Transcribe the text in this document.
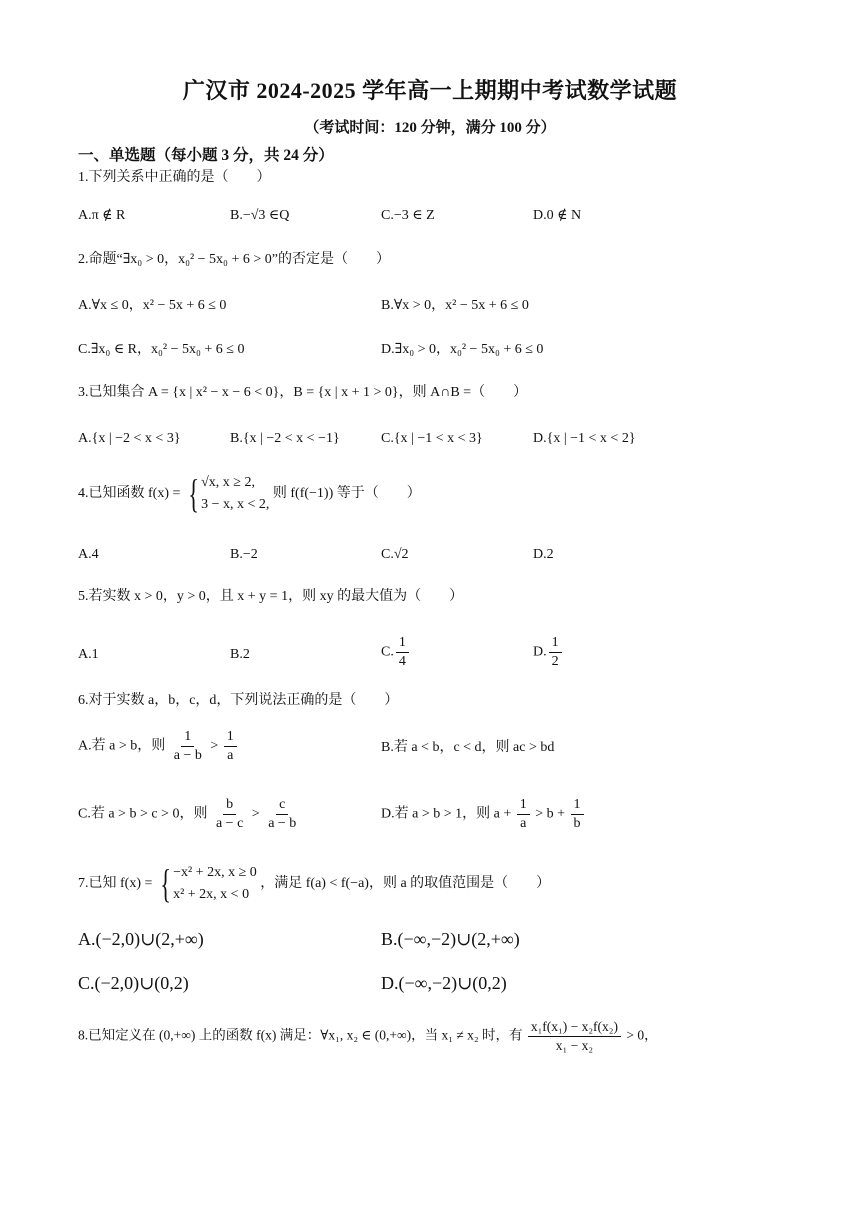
广汉市 2024-2025 学年高一上期期中考试数学试题
（考试时间：120 分钟，满分 100 分）
一、单选题（每小题 3 分，共 24 分）
1.下列关系中正确的是（　　）
A.π ∉ R	B.−√3 ∈Q	C.−3 ∈ Z	D.0 ∉ N
2.命题“∃x₀ > 0，x₀² − 5x₀ + 6 > 0”的否定是（　　）
A.∀x ≤ 0，x² − 5x + 6 ≤ 0	B.∀x > 0，x² − 5x + 6 ≤ 0
C.∃x₀ ∈ R，x₀² − 5x₀ + 6 ≤ 0	D.∃x₀ > 0，x₀² − 5x₀ + 6 ≤ 0
3.已知集合 A = {x | x² − x − 6 < 0}，B = {x | x + 1 > 0}，则 A∩B =（　　）
A.{x | −2 < x < 3}	B.{x | −2 < x < −1}	C.{x | −1 < x < 3}	D.{x | −1 < x < 2}
4.已知函数 f(x) = { √x, x ≥ 2,
3 − x, x < 2,
则 f(f(−1)) 等于（　　）
A.4	B.−2	C.√2	D.2
5.若实数 x > 0，y > 0，且 x + y = 1，则 xy 的最大值为（　　）
A.1	B.2	C. $\frac{1}{4}$	D. $\frac{1}{2}$
6.对于实数 a，b，c，d，下列说法正确的是（　　）
A.若 a > b，则 $\frac{1}{a - b} > \frac{1}{a}$	B.若 a < b，c < d，则 ac > bd
C.若 a > b > c > 0，则 $\frac{b}{a - c} > \frac{c}{a - b}$	D.若 a > b > 1，则 $a + \frac{1}{a} > b + \frac{1}{b}$
7.已知 f(x) = { −x² + 2x, x ≥ 0
x² + 2x, x < 0
，满足 f(a) < f(−a)，则 a 的取值范围是（　　）
A.(−2,0)∪(2,+∞)	B.(−∞,−2)∪(2,+∞)
C.(−2,0)∪(0,2)	D.(−∞,−2)∪(0,2)
8.已知定义在 (0,+∞) 上的函数 f(x) 满足：∀x₁, x₂ ∈ (0,+∞)，当 x₁ ≠ x₂ 时，有 $\frac{\text{x₁f(x₁) − x₂f(x₂)}}{\text{x₁ − x₂}} > 0$，
